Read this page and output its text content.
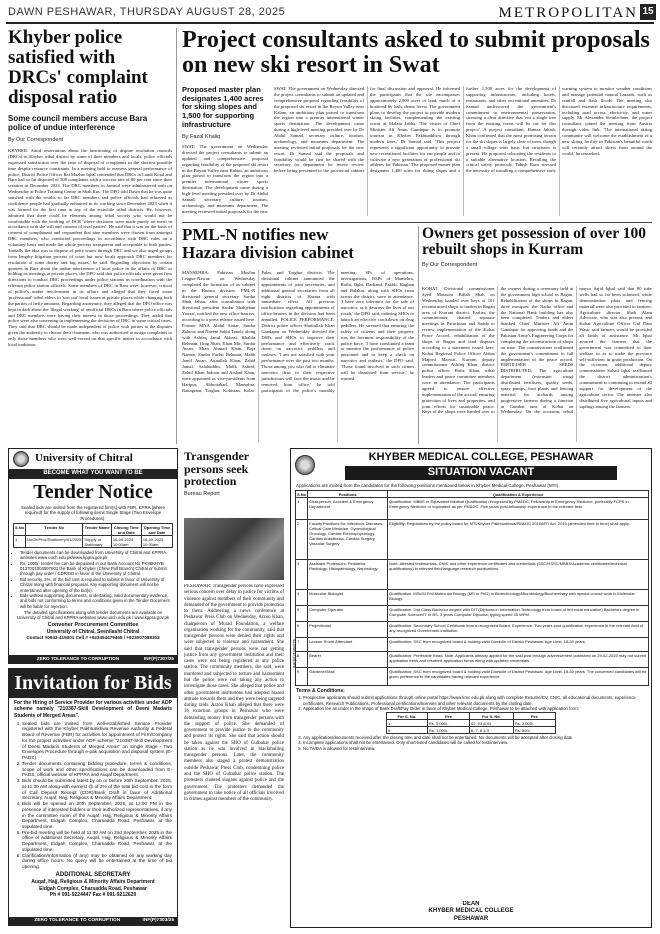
DAWN PESHAWAR, THURSDAY AUGUST 28, 2025	METROPOLITAN 15
Khyber police satisfied with DRCs' complaint disposal ratio
Some council members accuse Bara police of undue interference
By Our Correspondent
KHYBER: Amid reservations about the functioning of dispute resolution councils (DRCs) in Khyber tribal district by some of their members and locals, police officials expressed satisfaction over the ratio of disposal of complaints in the shortest possible time despite resource constraints. In a meeting held to reassess general performance of police, District Police Officer Rai Mazhar Iqbal contended that DRCs in Landi Kotal and Bara had so far disposed of 500 complaints with a success rate of 80 per cent since their creation in December 2023. The DRC members in Jamrud were administered oath on Wednesday at Police Training Centre in Shah Kas. The DPO told Dawn that he was quite satisfied with the results so far DRC members and police officials had achieved as confidence people had gradually enhanced in its working since December 2023 when it was formed for the first time in any of the erstwhile tribal districts. He, however, admitted that there could be elements among tribal society who would not be comfortable with the working of DCR 'where decisions were made purely on merit in accordance with the will and consent of rival parties'. He said that it was on the basis of consent of complainant and respondent that nine members were chosen from amongst DRC members, who conducted proceedings in accordance with DRC rules on a voluntary basis and made the whole process transparent and acceptable to both parties. 'Initially the idea was to dispose of petty issues through DRC and we also urged groups from lengthy litigation process of court but now locals approach DRC members for resolution of some thorny and big issues,' he said. Regarding objections by certain quarters in Bara about the undue interference of local police in the affairs of DRC or holding its meetings at private places, the DPO said that police officials were given firm directions to conduct DRC proceedings under police stations in coordination with the relevant police station officials. Some members of DRC in Bara were, however, critical of police's undue involvement in its affairs and alleged that they faced some 'professional' tribal elders to 'sort out' local issues at private places while changing both the parties of hefty amounts. Regarding anonymity, they alleged that the DPO office was kept in dark about the 'illegal working' of unofficial DRCs in Bara where police officials and DRC members were having their interest in those proceedings. They added that police were also convening in implementing the decisions of DRC in some critical cases. They said that DRC should be made independent of police with parties to the disputes given the authority to choose their chairman, who was authorised to assign complaints to only those members who were well-versed on that specific matter in accordance with local traditions.
Project consultants asked to submit proposals on new ski resort in Swat
Proposed master plan designates 1,400 acres for skiing slopes and 1,500 for supporting infrastructure
By Fazal Khaliq
SWAT: The government on Wednesday directed the project consultants to submit an updated and comprehensive proposal regarding feasibility of the proposed ski resort in the Boyun Valley near Kalam, an ambitious plan poised to transform the region into a premier international winter sports destination. The development came during a high-level meeting presided over by Dr Abdul Samad, secretary culture, tourism, archaeology, and museums department. The meeting reviewed initial proposals for the new
SWAT: The government on Wednesday directed the project consultants to submit an updated and comprehensive proposal regarding feasibility of the proposed ski resort in the Boyun Valley near Kalam, an ambitious plan poised to transform the region into a premier international winter sports destination. The development came during a high-level meeting presided over by Dr Abdul Samad, secretary culture, tourism, archaeology, and museums department. The meeting reviewed initial proposals for the new resort. Dr Samad said the proposals and feasibility would be first be shared with the secretary for department for recent review before being presented to the provincial cabinet for final discussion and approval. He informed the participants that the site encompasses approximately 2,900 acres of land, much of it bordered by lush, dense forest. The government plans to develop the project to provide modern skiing facilities, complementing the existing resort at Malam Jabba. 'The vision of Chief Minister Ali Amin Gandapur is to promote tourism in Khyber Pakhtunkhwa through modern lines,' Dr Samad said. 'This project represents a significant opportunity to provide new recreational facilities for our people and to cultivate a new generation of professional ski athletes for Pakistan.' The proposed master plan designates 1,400 acres for skiing slopes and a further 1,500 acres for the development of supporting infrastructure, including hotels, restaurants, and other recreational amenities. Dr Samad underscored the government's commitment to environmental preservation, stressing a clear directive that 'not a single tree from the existing forest will be cut for this project'. A project consultant, Hamza Jahish, Khan confirmed that the most promising terrain for the ski slopes is largely clear of trees, though a small village with basic but structures is present. He proposed relocating the residents to a suitable alternative location. Recalling the critical safety protocols, Tabish Raza stressed the necessity of installing a comprehensive early warning system to monitor weather conditions and manage potential natural hazards, such as rainfall and flash floods. The meeting also discussed essential infrastructure requirements, including road access, electricity, and water supply. Mr Alexander Steinlechner, the project consultant, joined the meeting from Austria through video link. 'The international skiing community will welcome the establishment of a new skiing facility in Pakistan's beautiful north will certainly attract skiers from around the world,' he remarked.
PML-N notifies new Hazara division cabinet
MANSEHRA: Pakistan Muslim League-Nawaz on Wednesday completed the formation of its cabinet in the Hazara division. PML-N divisional general secretary Sardar Shah Jahan, after consultation with divisional president Sardar Shahjehan Yousaf, notified the new office-bearers, according to a press release issued here. Former MNA Abdul Sattar, Sardar Zahoor, and Naeem Sakhi Tanoli, along with Ashfaq Jamil Abbasi, Khalifa Rehman, Ifrag Shah, Khan Mir, Sardar Awais, Mian Ahmad Khan, Raja Naeem, Sardar Fazlur Rehman, Malik Jamil Awan, Attaullah Khan, Zahid Jamal, Salahuddin, Malik Ashraf, Zahid Khan Jadoon and Arshad Khan, were appointed as vice-presidents from Haripur, Abbottabad, Mansehra, Battagram, Torghar, Kohistan, Kolai-Palas, and Torghar districts. The divisional cabinet announced the appointments of joint secretaries, and additional general secretaries from all eight districts of Hazara with immediate effect. All previous notifications regarding appointments of office-bearers in the division had been annulled. POLICE PERFORMANCE: District police officer Shafiullah Khan Gandapur on Wednesday directed the DSPs and SHOs to improve their performance and effectively crack down on narcotics peddlers and outlaws. 'I am not satisfied with your performance over the past two months. Those among you who fail to eliminate narcotics dens in their respective jurisdictions will face the music and be removed from office,' he told participants of the police's monthly meeting. SPs of operations, investigations, DSPs of Mansehra, Baffa, Oghi, Darband, Pakhli, Kaghan and Balakot, along with SHOs from across the district, were in attendance. 'I have zero tolerance for the sale of narcotics, as it destroys the lives of our youth,' the DPO said, ordering SHOs to launch an effective crackdown on drug peddlers. He stressed that ensuring the safety of citizens and their property was the foremost responsibility of the police force. 'I have constituted a team to monitor the performance of police personnel and to keep a check on narcotics and outlaws,' the DPO said. 'Those found involved in such crimes will be dismissed from service,' he warned.
Owners get possession of over 100 rebuilt shops in Kurram
By Our Correspondent
KOHAT: Divisional commissioner Syed Motasim Billah Shah on Wednesday handed over keys of 101 reconstructed shops to traders in Bagan area of Kurram district. Earlier, the commissioner chaired separate meetings in Parachinar and Sadda to review implementation of the Kohat Peace Accord, rehabilitation of the shops of Bagan and land disputes according to a statement issued here. Kohat Regional Police Officer Abbas Majeed Marwat, Kurram deputy commissioner Ashfaq Khan, district police officer Hafiz Khan, tribal leaders and peace committee members were in attendance. The participants agreed to ensure effective implementation of the accord, ensuring protection of lives and properties, and joint efforts for sustainable peace. Keys of the shops were handed over to the owners during a ceremony held at the government high school in Bagan. Rehabilitation of the shops in Bagan, three mosques, the Nadra office and the National Bank building has also been completed. Traders and elders thanked Chief Minister Ali Amin Gandapur for approving funds and the Pakistan Army's Engineering Corps for completing the reconstruction of shops on time. The commissioner reaffirmed the government's commitment to full implementation of the peace accord. FERTILISER SEEDS DISTRIBUTED: The agriculture department (extension wing) distributed fertilisers, quality seeds, spray pumps, fruit plants and fencing material for orchards among progressive farmers during a function in Gumbat area of Kohat on Wednesday. On the occasion, tehsil mayor Sajid Iqbal said that 80 tube wells had so far been solarised, while demonstration plots and fencing material were also provided to farmers. Agriculture director Shah Alam Advocate, who was also present, and Kohat Agriculture Officer Gul Dam Wasir said farmers would be provided all kinds of assistance. Mr Iqbal assured the farmers that the government was committed to their welfare so as to make the province self-sufficient in grain production. On the occasion, additional deputy commissioner Sohail Iqbal reaffirmed the district administration's commitment to continuing to extend all support for development of the agriculture sector. The minister also distributed five agricultural inputs and saplings among the farmers.
University of Chitral
BECOME WHAT YOU WANT TO BE
Tender Notice
Sealed bids are invited from the registered firm(s) with FBR, KPRA (where required) for the supply of following items Single Stage (Two Envelope Procedures).
S.No	Tender No	Tender Name	Closing Time and Date	Opening Time and Date
1	UoCh/Proc/Stationery/01/2025	Supply of Stationary	16-09-2025 10:00am	16-09-2025 10:30am
• Tender documents can be downloaded from University of Chitral and KPPRA websites www.uoch.edu.pk/www.kppra.gov.pk
• Rs. 1000/- tender fee can be deposited in our Bank Account No PK88KHYB 0137001004597601 the Bank of Khyber (Chew Pull Branch) Chitral or submit through pay order / CDR/DD in favor of the University of Chitral.
• Bid security, 2%, of the bid cost is required to submit in favor of University of Chitral along with financial proposal. Any supporting document will not be entertained after opening of the bid(s).
• Bids without supporting documents, undertaking, valid documentary evidence, and bids not conforming to terms and conditions given in the Tender Document will be liable for rejection.
The detailed specifications along with tender documents are available on University of Chitral and KPPRA websites www.uoch.edu.pk / www.kppra.gov.pk
Convener Procurement Committee
University of Chitral, Seenilasht Chitral
Contact #0943-415001 Cell # +923454479465 / +923007088303
ZERO TOLERANCE TO CORRUPTION	INF(P)7307/25
Invitation for Bids
For the Hiring of Service Provider for various activities under ADP scheme namely "210387-Skill Development of Deeni Madaris Students of Merged Areas".
1. Sealed bids are invited from well-established Service Provider registered with the Khyber Pakhtunkhwa Revenue Authority & Federal Board of Revenue (FBR) for activities for appointment of Firm/Company for the project activities under ADP scheme "210387-Skill Development of Deeni Madaris Students of Merged Areas" on Single Stage - Two Envelopes Procedure through e-pak acquisition and disposal system (E-PADS).
2. Tender documents containing bidding procedure, terms & conditions, scope of work and other specifications can be downloaded from E-PADS, official website of KPPRA and Auqaf Department.
3. Bids should be submitted latest by on or before 20th September, 2025, at 11:30 AM along-with earnest @ of 2% of the total bid cost in the form of Call Deposit Receipt (CDR)/Bank Draft in favor of Additional Secretary, Auqaf, Hajj, Religious & Minority Affairs Department.
4. Bids will be opened on 20th September, 2025, at 12:00 PM in the presence of interested bidders or their authorized representatives, if any in the committee room of the Auqaf, Hajj, Religious & Minority Affairs Department, Eidgah Complex, Charsadda Road, Peshawar, at the stipulated time.
5. Pre-bid meeting will be held at 11:30 AM on 2nd September, 2025 in the office of Additional Secretary, Auqaf, Hajj, Religious & Minority Affairs Department, Eidgah Complex, Charsadda Road, Peshawar, at the stipulated time.
6. Clarification/Information (if any) may be obtained on any working day during office hours. No query will be entertained at the time of bid opening.
ADDITIONAL SECRETARY
Auqaf, Hajj, Religious & Minority Affairs Department
Eidgah Complex, Charsadda Road, Peshawar
Ph # 091-9224447 Fax # 091-9212620
ZERO TOLERANCE TO CORRUPTION	INF(P)7303/25
Transgender persons seek protection
Bureau Report
PESHAWAR: Transgender persons have expressed serious concern over delay in justice for victims of violence against members of their community and demanded of the government to provide protection to them. Addressing a news conference at Peshawar Press Club on Wednesday, Arzoo Khan, chairperson of Murad Foundation, a welfare organisation working for the community, said that transgender persons were denied their rights and were subjected to violence and harassment. She said that transgender persons were not getting justice from any government institution and their cases were not being registered at any police station. The community members, she said, were murdered and subjected to torture and harassment but the police were not taking any action to investigate those cases. She alleged that police and other government institutions had adopted biased attitude towards them and they were being targeted during raids. Arzoo Khan alleged that there were 16 extortion groups in Peshawar who were demanding money from transgender persons with the support of police. She demanded of government to provide justice to the community and protect its rights. She said that action should be taken against the SHO of Gulbahar police station as he was involved in blackmailing transgender persons. Later, the community members also staged a protest demonstration outside Peshawar Press Club, condemning police and the SHO of Gulbahar police station. The protesters chanted slogans against police and the government. The protesters demanded the government to take notice of all officials involved in crimes against members of the community.
KHYBER MEDICAL COLLEGE, PESHAWAR
SITUATION VACANT
Applications are invited from the candidates for the following positions mentioned below in Khyber Medical College, Peshawar (MTI).
S.No	Positions	Qualification & Experience
1	Chairperson, Accident & Emergency Department	Qualification: MBBS or Equivalent Medical Qualification recognized by PM&DC; Fellowship in Emergency Medicine, preferably FCPS in Emergency Medicine or equivalent as per PM&DC. Five years post-fellowship experience in the relevant field.
2	Faculty Positions for: Infectious Diseases, Critical Care Medicine, Gynecological Oncology, Cardiac Electrophysiology, Cardiac Anesthesia, Cardiac Surgery, Vascular Surgery	Eligibility: Regulations by the policy board for MTI/Khyber Pakhtunkhwa/PM&DC 2016/MTI Act, 2015 (amended time to time) shall apply.
3	Assistant Professors: Pediatrics, Radiology, Histopathology, Nephrology	Note: Attested testimonials, CNIC and other experience certificates and credentials (SSC/HSSC/MBBS/Academic certificates/technical qualifications) in relevant field/language research publications.
4	Molecular Biologist	Qualification: MSc/M.Phil Molecular Biology (MS or PhD) in Biotechnology/Microbiology/Biochemistry with special course work in Molecular Biology.
5	Computer Operator	Qualification: 2nd Class Bachelor degree with DIT (Diploma in Information Technology from board of technical education) Bachelors degree in Computer Science/IT or BS, 3 years Computer Diploma; typing speed 35 WPM.
6	Projectionist	Qualification: Secondary School Certificate from a recognized Board. Experience: Two years post qualification experience in the relevant field of any recognized Government institution.
7	Lecture Room Attendant	Qualification: SSC from recognized board & holding valid Domicile of District Peshawar. Age Limit: 18-30 years.
8	Bearer	Qualification: Preferable Read. Note: Applicants already applied for the said post through advertisement published on 29-02-2025 may not submit application fresh and resubmit application forms along with updated credentials.
9	Gardener/Mali	Qualification: SSC from recognized board & holding valid Domicile of District Peshawar. Age Limit: 18-30 years. The concerned candidates will be given preference to the candidates having relevant experience.
Terms & Conditions:
1. Prospective applicants should submit applications through online portal https://www.kmc.edu.pk along with complete Resume/CV, CNIC, all educational documents, experience certificates, Research Publications, Professional certifications/licenses and other relevant documents by the closing date.
2. Application fee as under in the shape of Bank Draft/Pay Order in favor of Khyber Medical College, Peshawar to be attached with application form:
For S. No.	Fee	For S. No.	Fee
1	Rs. 5,000/-	02, 03 & 04	Rs. 3,000/-
5	Rs. 1,000/-	6, 7, 8 & 9	Rs. 500/-
3. Any application/documents received after the closing time and date shall not be entertained. No documents will be accepted after closing date.
4. Incomplete applications shall not be entertained. Only short-listed candidates will be called for test/interview.
5. No TA/DA is allowed for test/interview.
DEAN
KHYBER MEDICAL COLLEGE
PESHAWAR
INF(P)7308/25
